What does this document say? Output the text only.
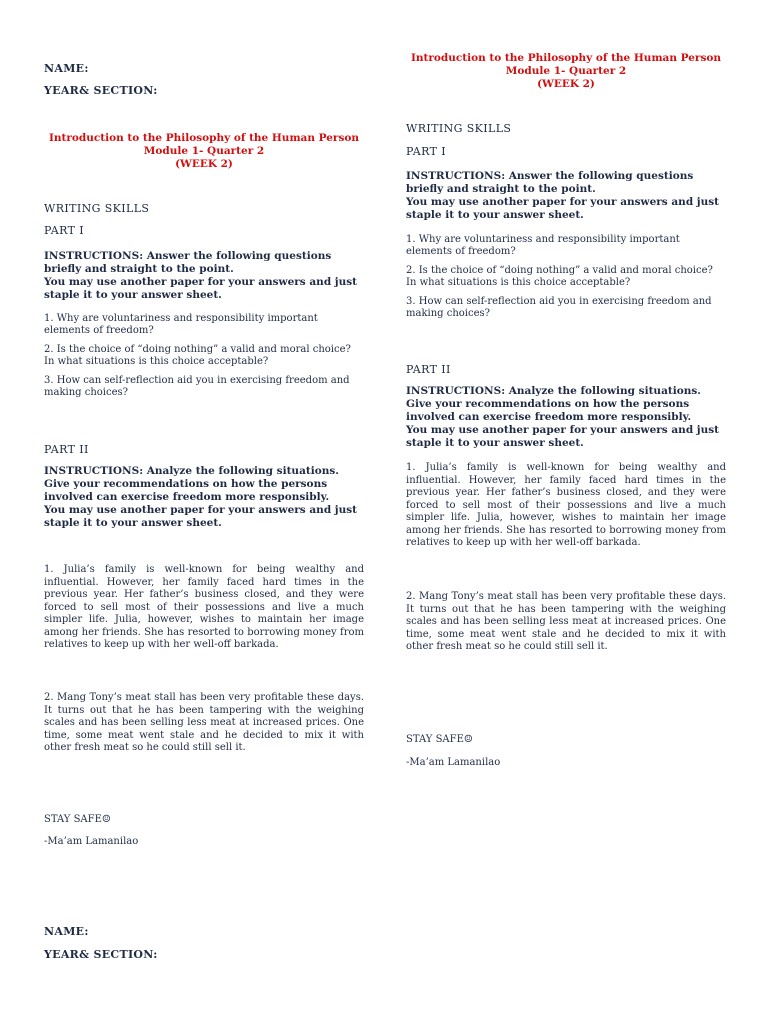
NAME:
YEAR& SECTION:
Introduction to the Philosophy of the Human Person
Module 1- Quarter 2
(WEEK 2)
WRITING SKILLS
PART I
INSTRUCTIONS: Answer the following questions briefly and straight to the point.
You may use another paper for your answers and just staple it to your answer sheet.

1. Why are voluntariness and responsibility important elements of freedom?

2. Is the choice of “doing nothing” a valid and moral choice? In what situations is this choice acceptable?

3. How can self-reflection aid you in exercising freedom and making choices?

PART II
INSTRUCTIONS: Analyze the following situations. Give your recommendations on how the persons involved can exercise freedom more responsibly.
You may use another paper for your answers and just staple it to your answer sheet.
1. Julia’s family is well-known for being wealthy and influential. However, her family faced hard times in the previous year. Her father’s business closed, and they were forced to sell most of their possessions and live a much simpler life. Julia, however, wishes to maintain her image among her friends. She has resorted to borrowing money from relatives to keep up with her well-off barkada.
2. Mang Tony’s meat stall has been very profitable these days. It turns out that he has been tampering with the weighing scales and has been selling less meat at increased prices. One time, some meat went stale and he decided to mix it with other fresh meat so he could still sell it.
STAY SAFE☺
-Ma’am Lamanilao
NAME:
YEAR& SECTION:
Introduction to the Philosophy of the Human Person
Module 1- Quarter 2
(WEEK 2)
WRITING SKILLS
PART I
INSTRUCTIONS: Answer the following questions briefly and straight to the point.
You may use another paper for your answers and just staple it to your answer sheet.

1. Why are voluntariness and responsibility important elements of freedom?

2. Is the choice of “doing nothing” a valid and moral choice? In what situations is this choice acceptable?

3. How can self-reflection aid you in exercising freedom and making choices?

PART II
INSTRUCTIONS: Analyze the following situations. Give your recommendations on how the persons involved can exercise freedom more responsibly.
You may use another paper for your answers and just staple it to your answer sheet.
1. Julia’s family is well-known for being wealthy and influential. However, her family faced hard times in the previous year. Her father’s business closed, and they were forced to sell most of their possessions and live a much simpler life. Julia, however, wishes to maintain her image among her friends. She has resorted to borrowing money from relatives to keep up with her well-off barkada.
2. Mang Tony’s meat stall has been very profitable these days. It turns out that he has been tampering with the weighing scales and has been selling less meat at increased prices. One time, some meat went stale and he decided to mix it with other fresh meat so he could still sell it.
STAY SAFE☺
-Ma’am Lamanilao
